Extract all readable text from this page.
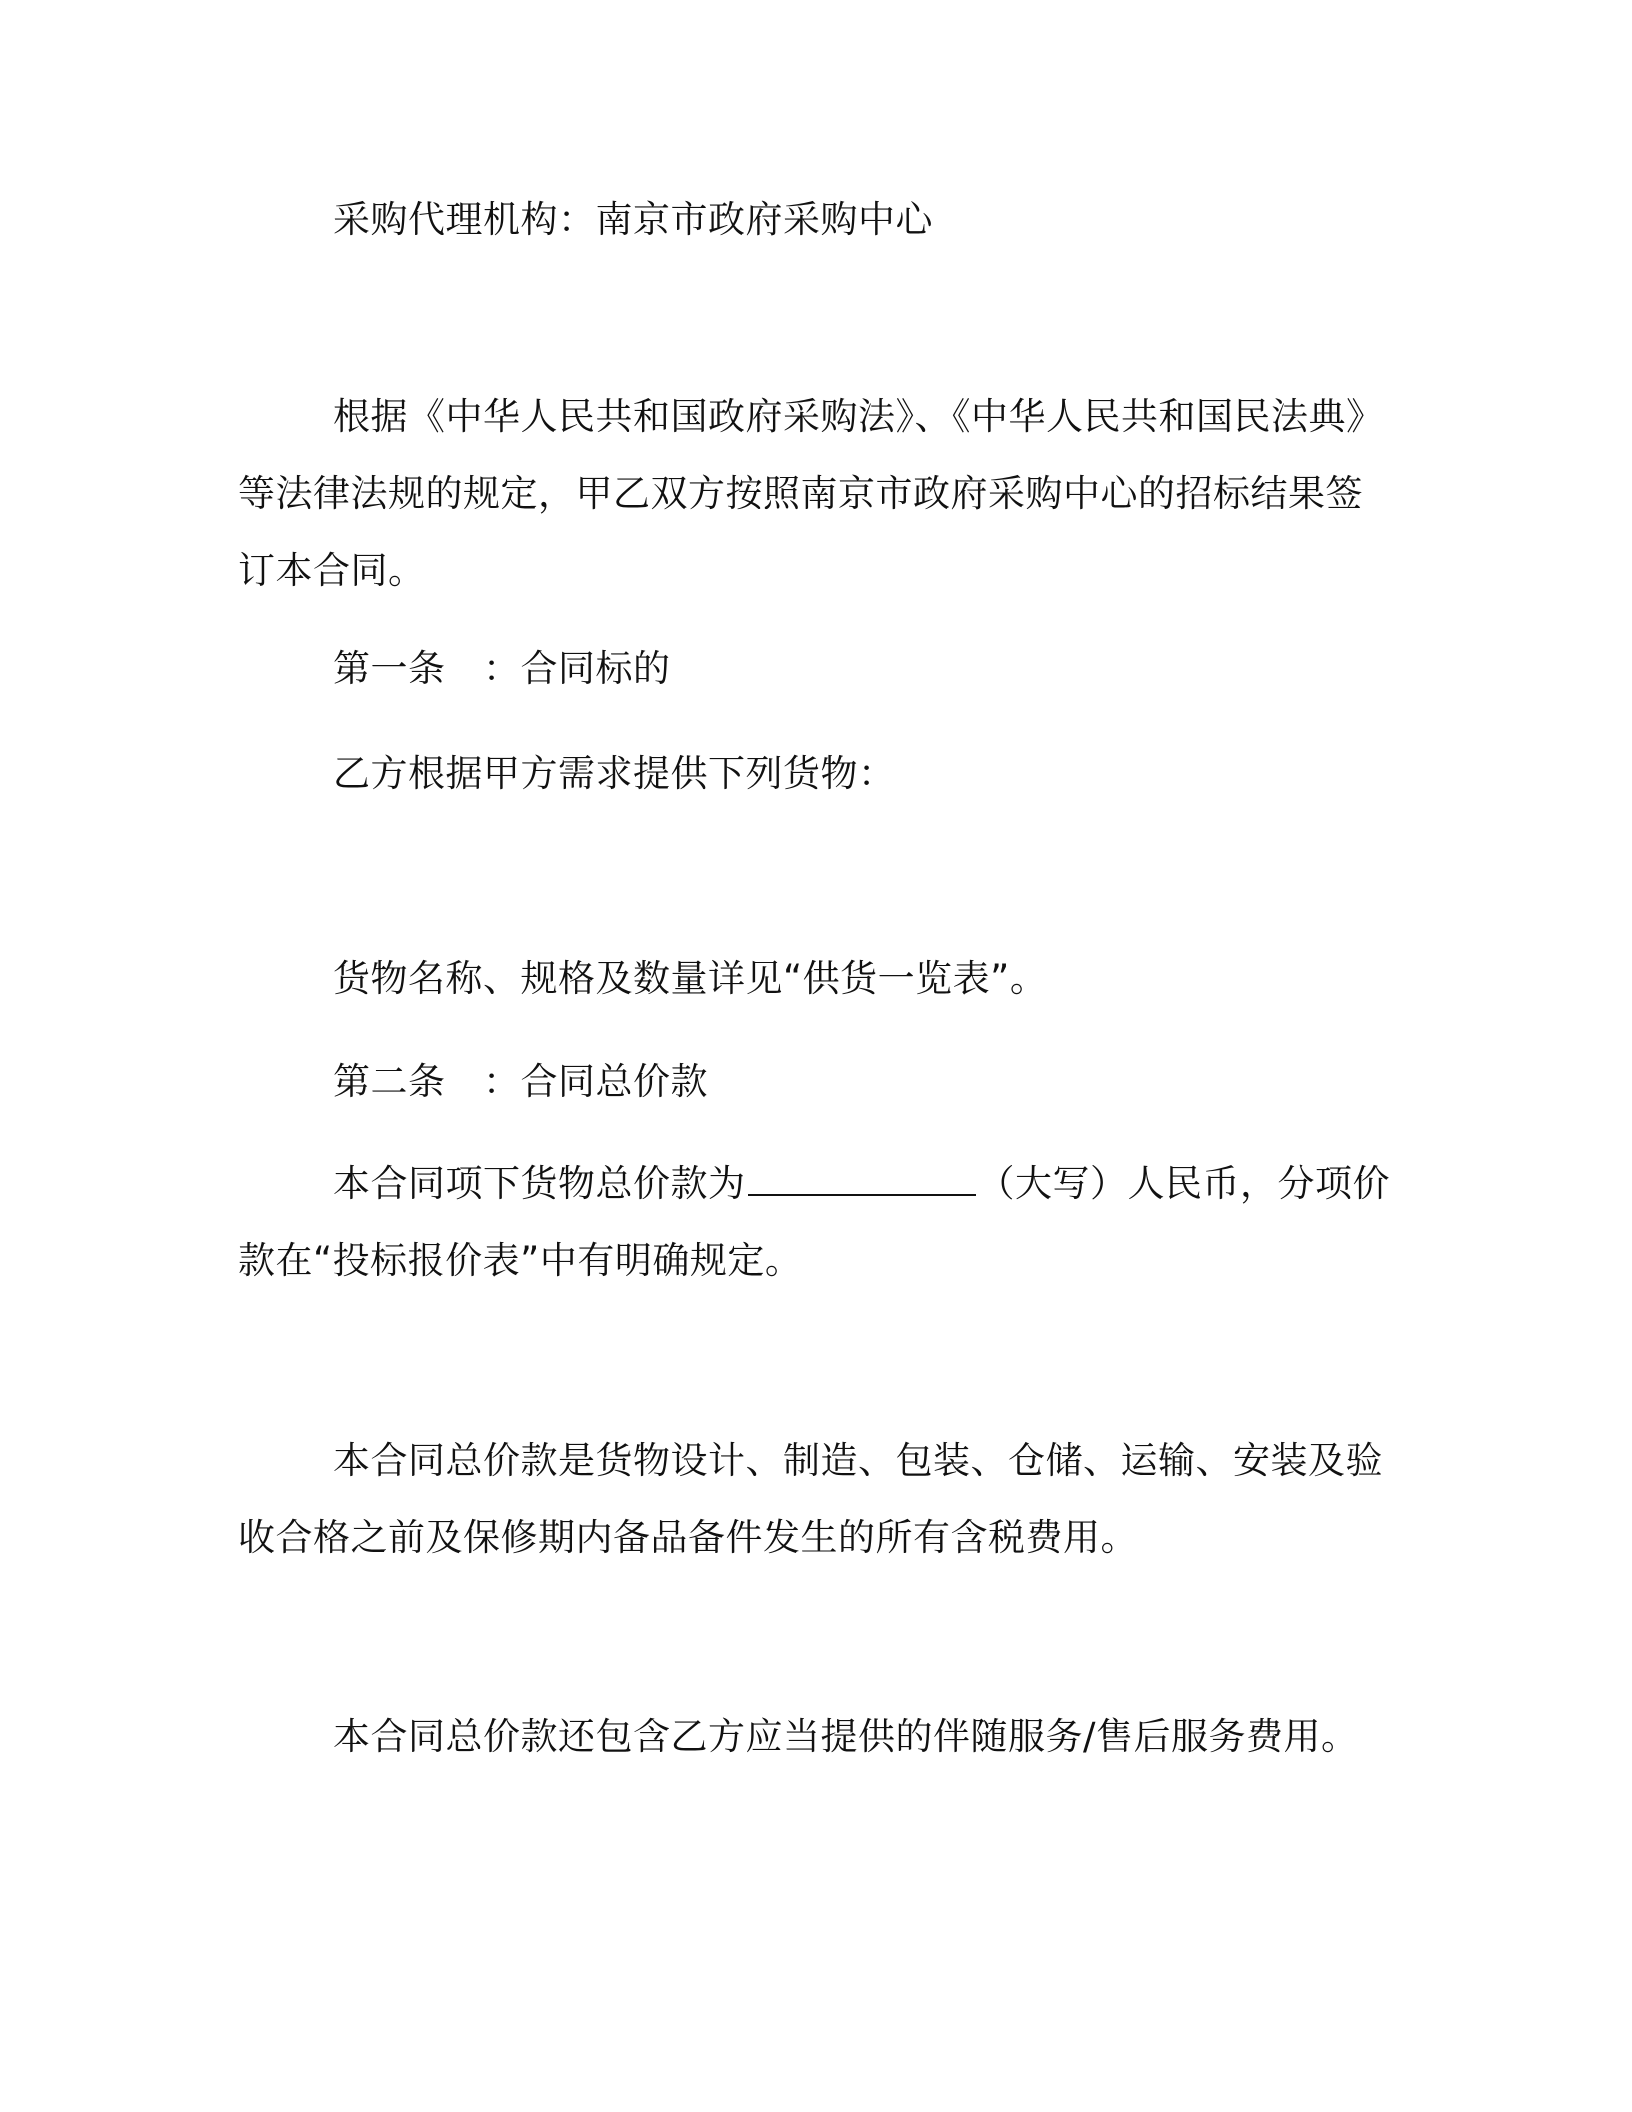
采购代理机构：南京市政府采购中心
根据《中华人民共和国政府采购法》、《中华人民共和国民法典》
等法律法规的规定，甲乙双方按照南京市政府采购中心的招标结果签
订本合同。
第一条　：合同标的
乙方根据甲方需求提供下列货物：
货物名称、规格及数量详见“供货一览表”。
第二条　：合同总价款
本合同项下货物总价款为	（大写）人民币，分项价
款在“投标报价表”中有明确规定。
本合同总价款是货物设计、制造、包装、仓储、运输、安装及验
收合格之前及保修期内备品备件发生的所有含税费用。
本合同总价款还包含乙方应当提供的伴随服务/售后服务费用。
